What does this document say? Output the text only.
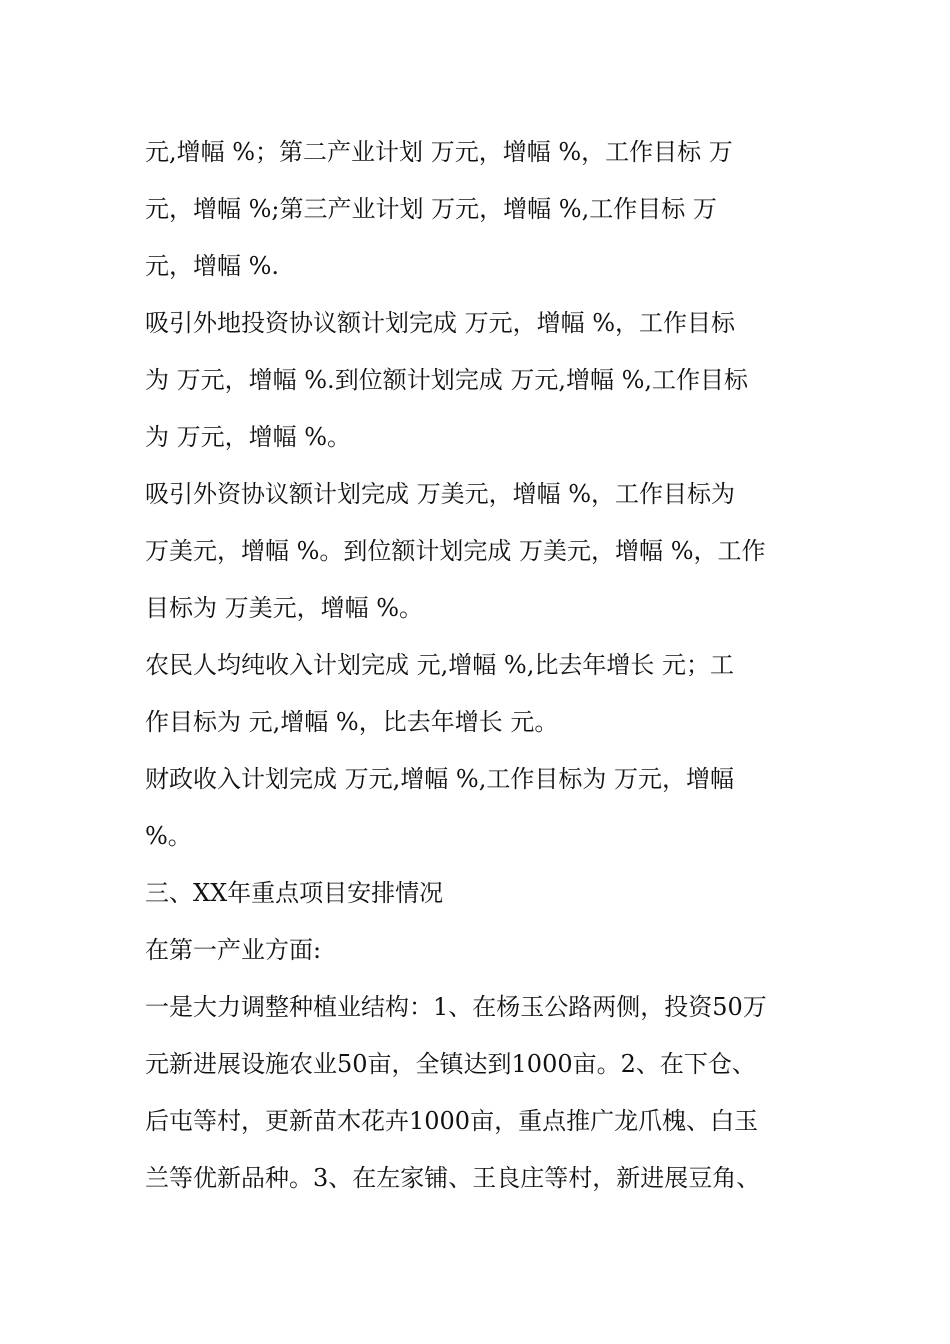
元,增幅 %；第二产业计划 万元，增幅 %，工作目标 万
元，增幅 %;第三产业计划 万元，增幅 %,工作目标 万
元，增幅 %.
吸引外地投资协议额计划完成 万元，增幅 %，工作目标
为 万元，增幅 %.到位额计划完成 万元,增幅 %,工作目标
为 万元，增幅 %。
吸引外资协议额计划完成 万美元，增幅 %，工作目标为
万美元，增幅 %。到位额计划完成 万美元，增幅 %，工作
目标为 万美元，增幅 %。
农民人均纯收入计划完成 元,增幅 %,比去年增长 元；工
作目标为 元,增幅 %，比去年增长 元。
财政收入计划完成 万元,增幅 %,工作目标为 万元，增幅
%。
三、XX年重点项目安排情况
在第一产业方面:
一是大力调整种植业结构：1、在杨玉公路两侧，投资50万
元新进展设施农业50亩，全镇达到1000亩。2、在下仓、
后屯等村，更新苗木花卉1000亩，重点推广龙爪槐、白玉
兰等优新品种。3、在左家铺、王良庄等村，新进展豆角、
